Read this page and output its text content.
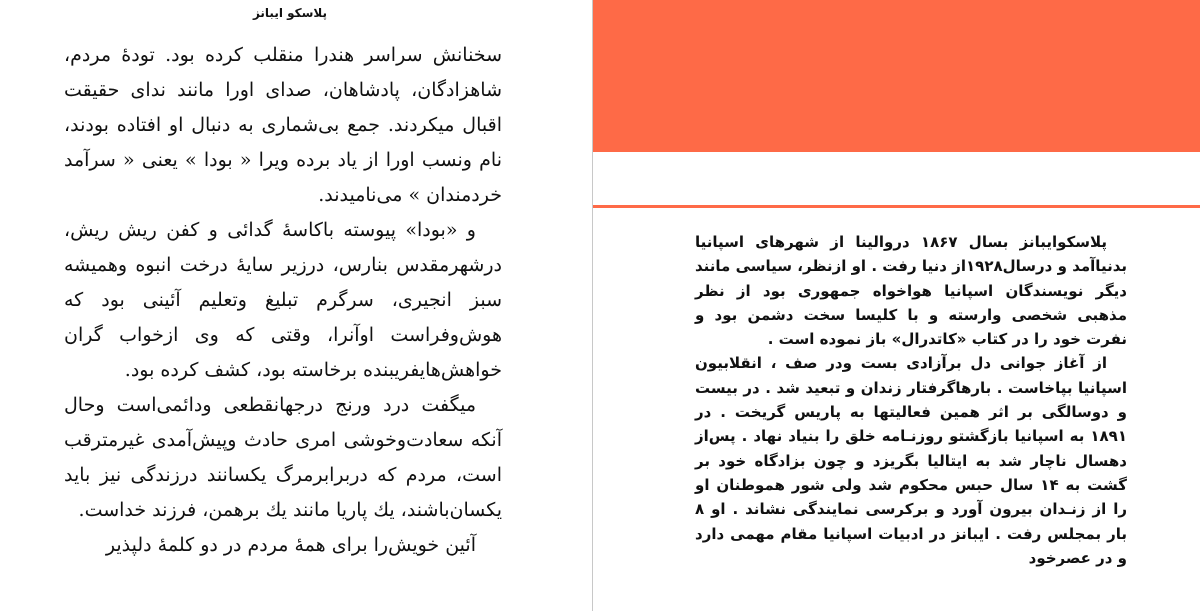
پلاسکو ایبانز

سخنانش سراسر هندرا منقلب کرده بود. تودهٔ مردم، شاهزادگان، پادشاهان، صدای اورا مانند ندای حقیقت اقبال میکردند. جمع بی‌شماری به دنبال او افتاده بودند، نام ونسب اورا از یاد برده ویرا « بودا » یعنی « سرآمد خردمندان » می‌نامیدند.

و «بودا» پیوسته باکاسهٔ گدائی و کفن ریش ریش، درشهرمقدس بنارس، درزیر سایهٔ درخت انبوه وهمیشه سبز انجیری، سرگرم تبلیغ وتعلیم آئینی بود که هوش‌وفراست اوآنرا، وقتی که وی ازخواب گران خواهش‌هایفریبنده برخاسته بود، کشف کرده بود.

میگفت درد ورنج درجهانقطعی ودائمی‌است وحال آنکه سعادت‌وخوشی امری حادث وپیش‌آمدی غیرمترقب است، مردم که دربرابرمرگ یکسانند درزندگی نیز باید یکسان‌باشند، یك پاریا مانند یك برهمن، فرزند خداست.

آئین خویش‌را برای همهٔ مردم در دو کلمهٔ دلپذیر

پلاسکوایبانز بسال ۱۸۶۷ درو‌الینا از شهرهای اسپانیا بدنیاآمد و درسال۱۹۲۸از دنیا رفت . او ازنظر، سیاسی مانند دیگر نویسندگان اسپانیا هواخواه جمهوری بود از نظر مذهبی شخصی وارسته و با کلیسا سخت دشمن بود و نفرت خود را در کتاب «کاتدرال» باز نموده است .

از آغاز جوانی دل برآزادی بست ودر صف ، انقلابیون اسپانیا بپاخاست . بارهاگرفتار زندان و تبعید شد . در بیست و دوسالگی بر اثر همین فعالیتها به پاریس گریخت . در ۱۸۹۱ به اسپانیا بازگشتو روزنـامه خلق را بنیاد نهاد . پس‌از دهسال ناچار شد به ایتالیا بگریزد و چون بزادگاه خود بر گشت به ۱۴ سال حبس محکوم شد ولی شور هموطنان او را از زنـدان بیرون آورد و برکرسی نمایندگی نشاند . او ۸ بار بمجلس رفت . ایبانز در ادبیات اسپانیا مقام مهمی دارد و در عصرخود
